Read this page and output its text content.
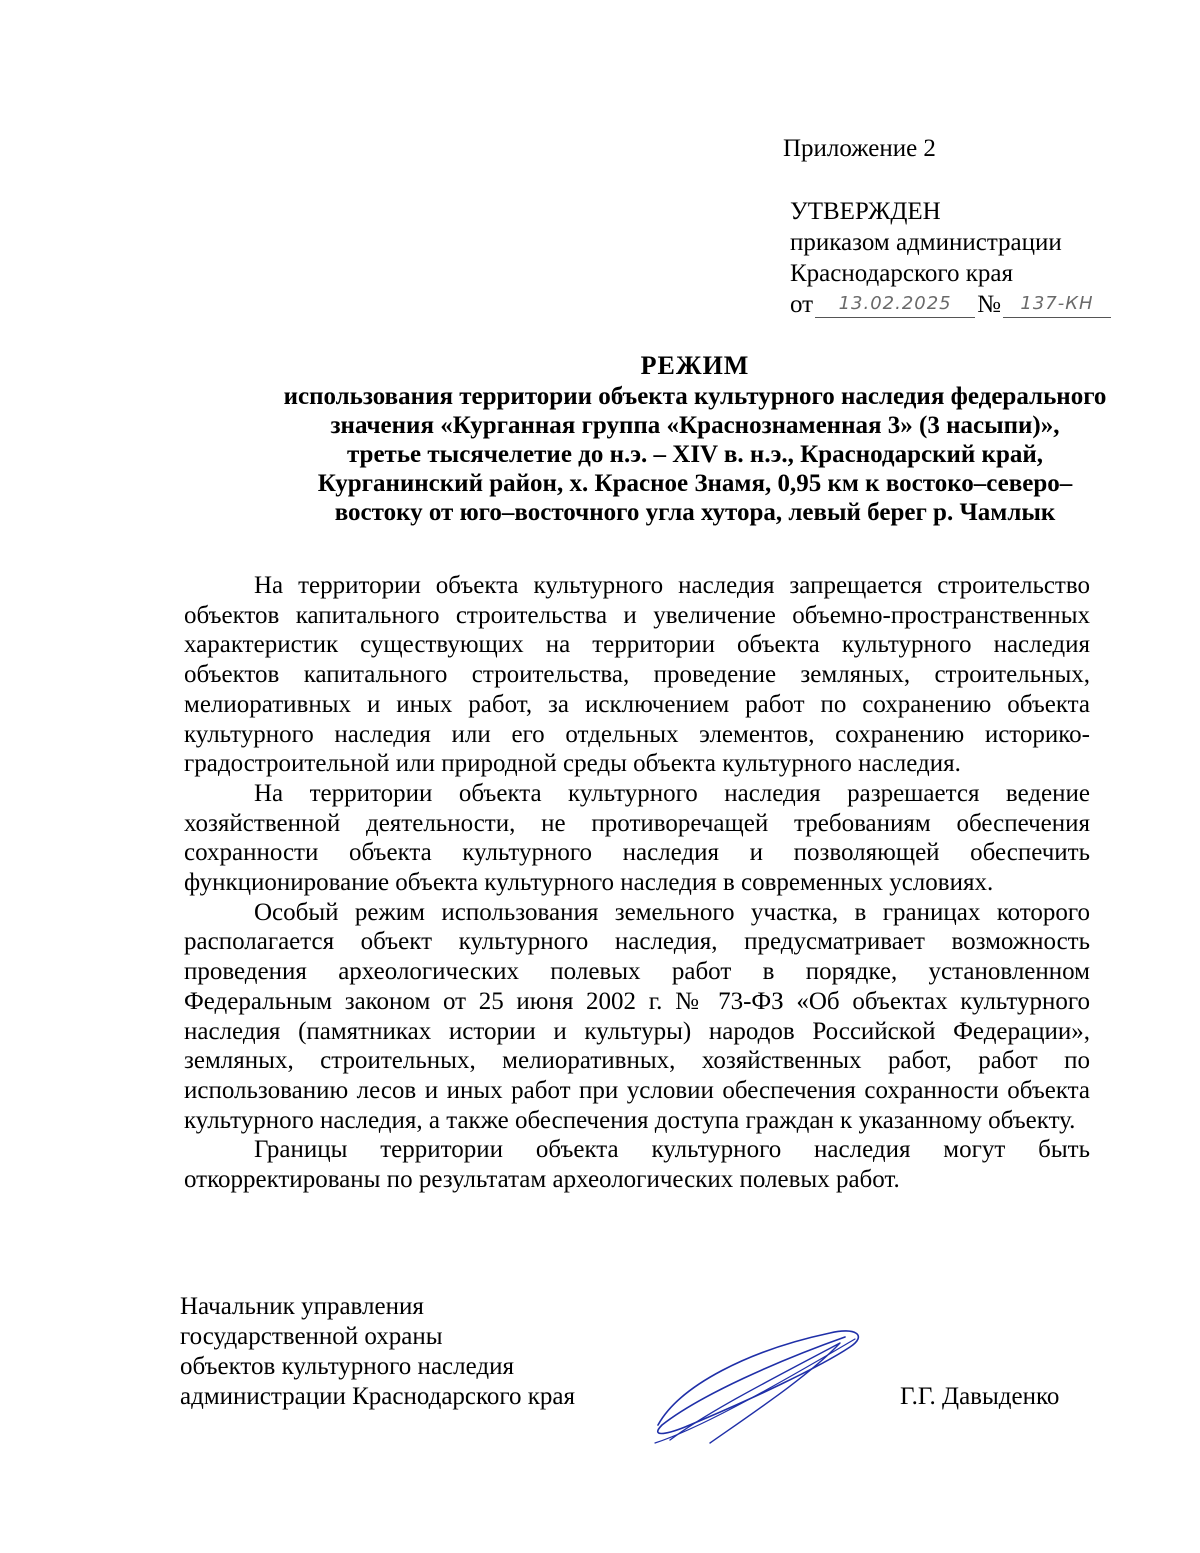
Приложение 2
УТВЕРЖДЕН
приказом администрации
Краснодарского края
от 13.02.2025 № 137-КН
РЕЖИМ
использования территории объекта культурного наследия федерального
значения «Курганная группа «Краснознаменная 3» (3 насыпи)»,
третье тысячелетие до н.э. – XIV в. н.э., Краснодарский край,
Курганинский район, х. Красное Знамя, 0,95 км к востоко–северо–
востоку от юго–восточного угла хутора, левый берег р. Чамлык

На территории объекта культурного наследия запрещается строительство объектов капитального строительства и увеличение объемно-пространственных характеристик существующих на территории объекта культурного наследия объектов капитального строительства, проведение земляных, строительных, мелиоративных и иных работ, за исключением работ по сохранению объекта культурного наследия или его отдельных элементов, сохранению историко-градостроительной или природной среды объекта культурного наследия.

На территории объекта культурного наследия разрешается ведение хозяйственной деятельности, не противоречащей требованиям обеспечения сохранности объекта культурного наследия и позволяющей обеспечить функционирование объекта культурного наследия в современных условиях.

Особый режим использования земельного участка, в границах которого располагается объект культурного наследия, предусматривает возможность проведения археологических полевых работ в порядке, установленном Федеральным законом от 25 июня 2002 г. № 73-ФЗ «Об объектах культурного наследия (памятниках истории и культуры) народов Российской Федерации», земляных, строительных, мелиоративных, хозяйственных работ, работ по использованию лесов и иных работ при условии обеспечения сохранности объекта культурного наследия, а также обеспечения доступа граждан к указанному объекту.

Границы территории объекта культурного наследия могут быть откорректированы по результатам археологических полевых работ.

Начальник управления
государственной охраны
объектов культурного наследия
администрации Краснодарского края	Г.Г. Давыденко
